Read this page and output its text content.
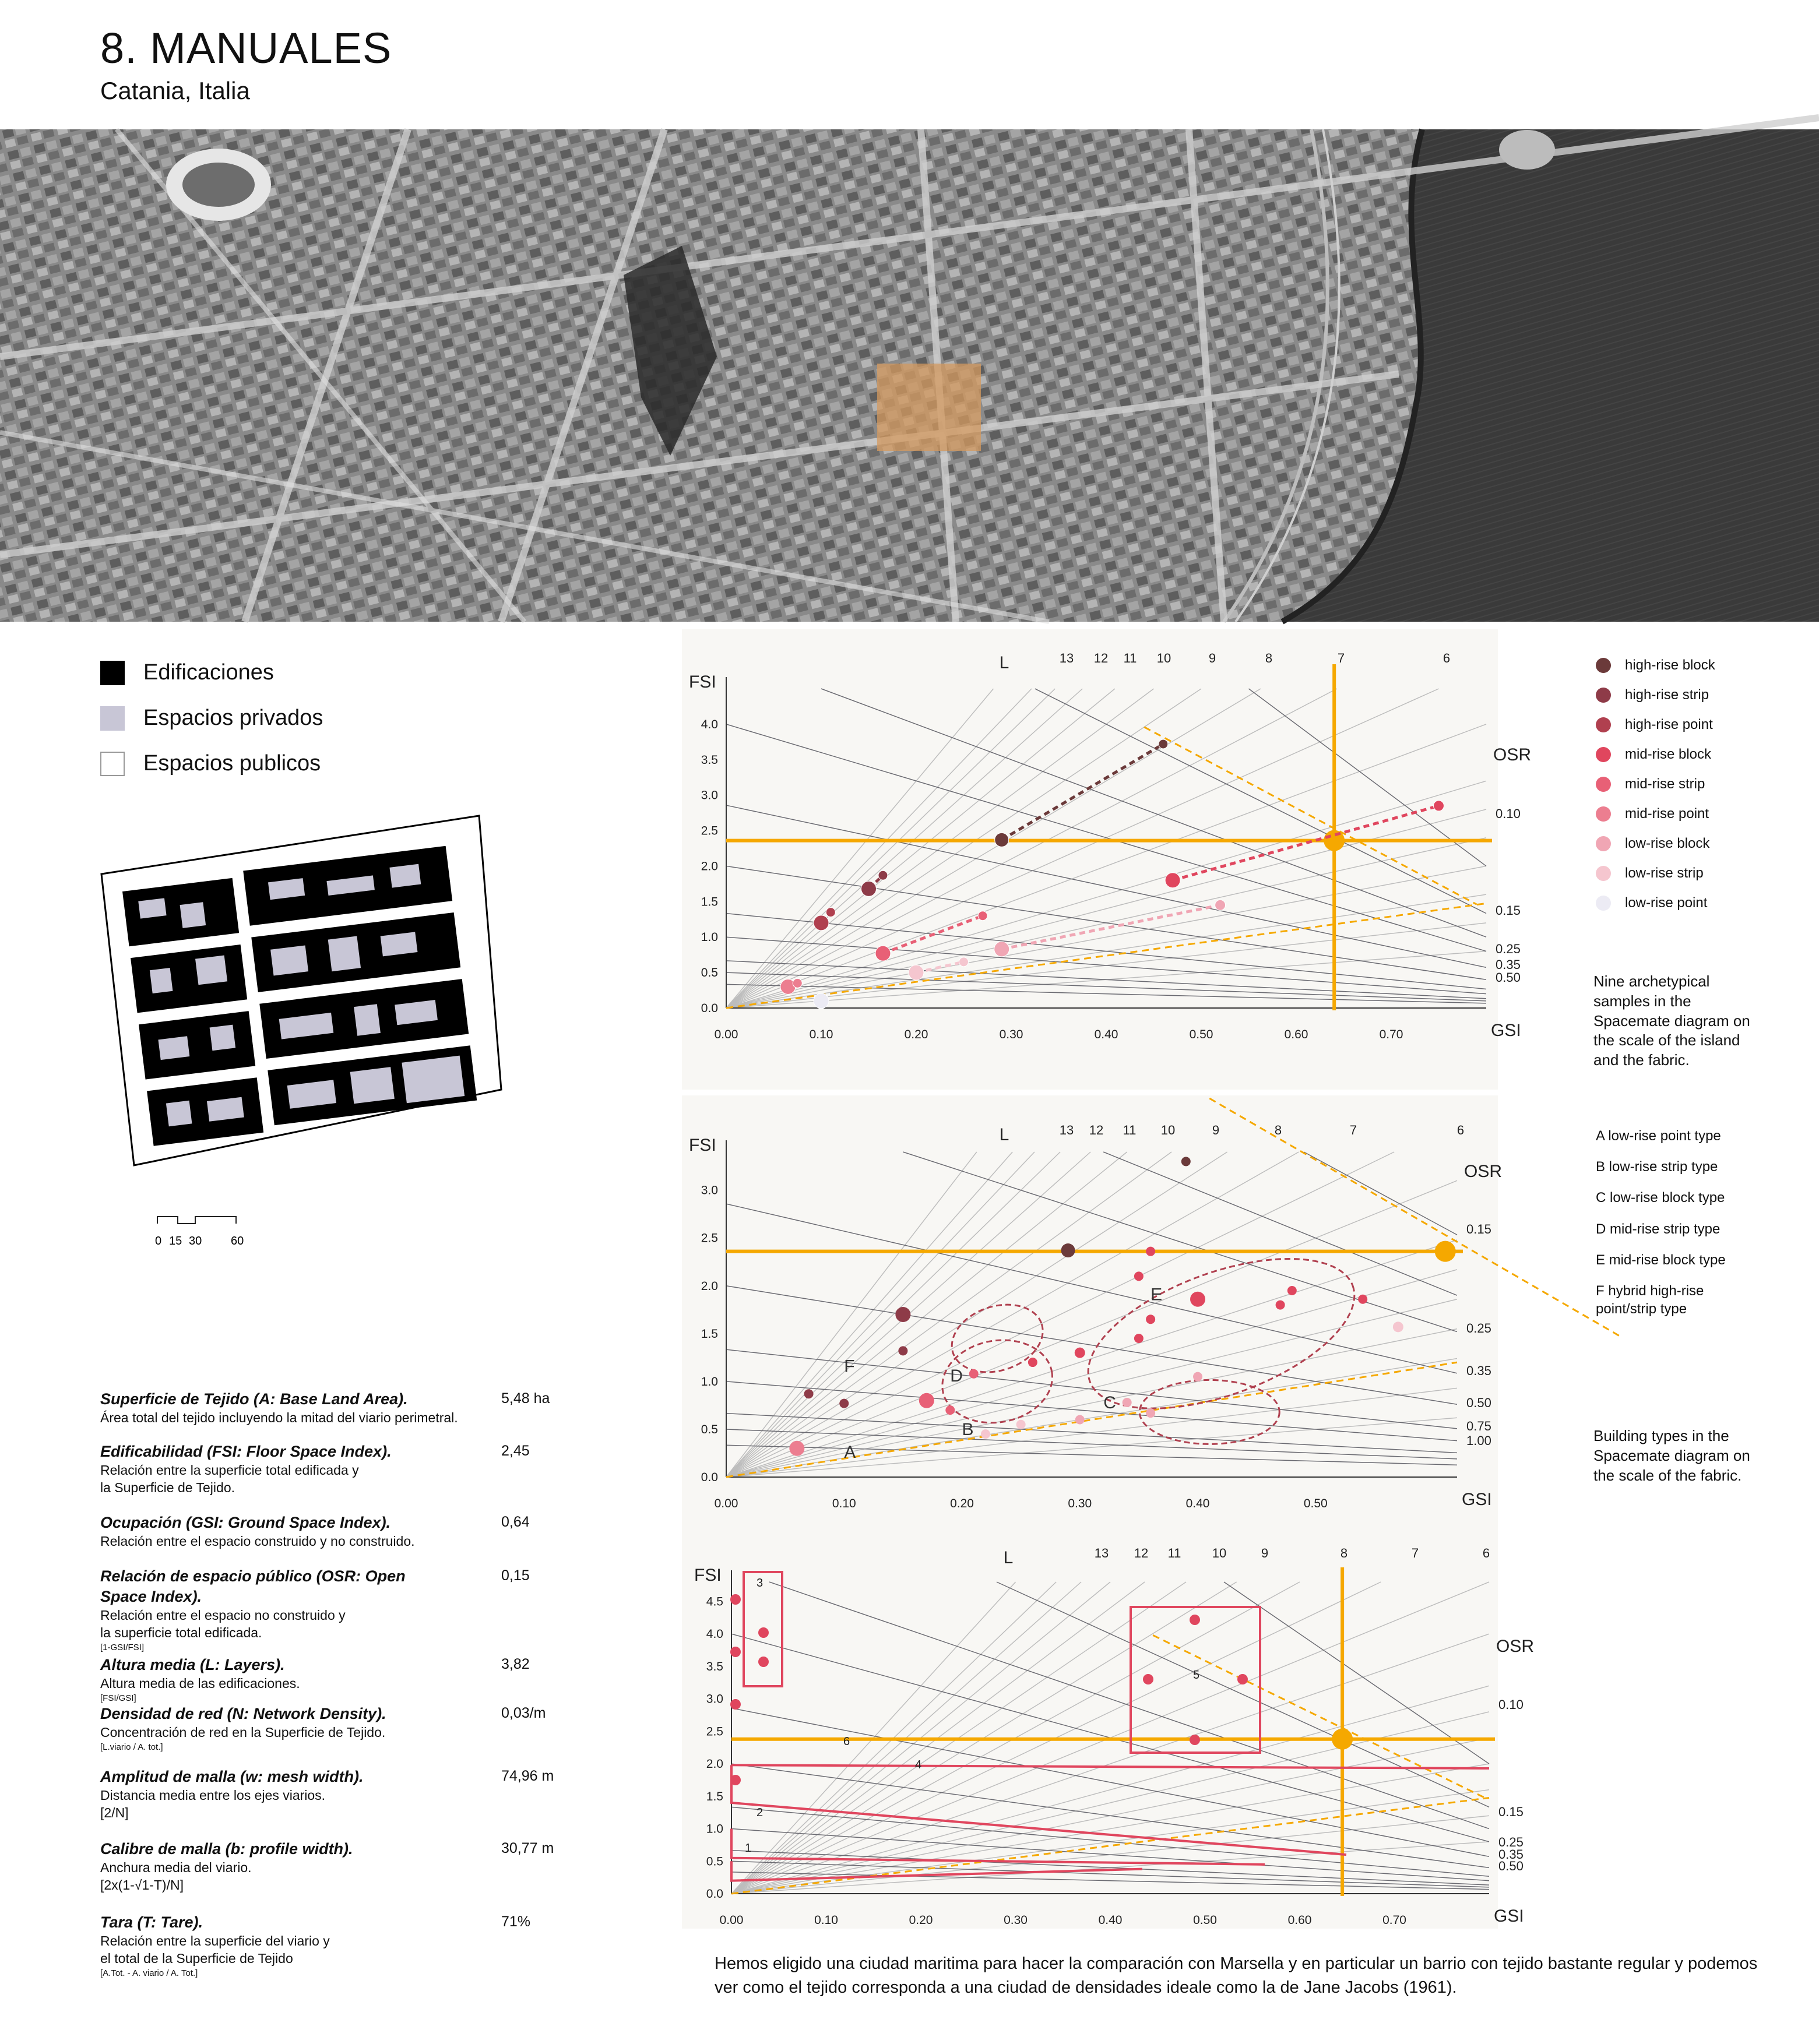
8. MANUALES
Catania, Italia
Edificaciones
Espacios privados
Espacios publicos
0 15 30 60
Superficie de Tejido (A: Base Land Area).
Área total del tejido incluyendo la mitad del viario perimetral.
5,48 ha
Edificabilidad (FSI: Floor Space Index).
Relación entre la superficie total edificada y
la Superficie de Tejido.
2,45
Ocupación (GSI: Ground Space Index).
Relación entre el espacio construido y no construido.
0,64
Relación de espacio público (OSR: Open Space Index).
Relación entre el espacio no construido y
la superficie total edificada.
[1-GSI/FSI]
0,15
Altura media (L: Layers).
Altura media de las edificaciones.
[FSI/GSI]
3,82
Densidad de red (N: Network Density).
Concentración de red en la Superficie de Tejido.
[L.viario / A. tot.]
0,03/m
Amplitud de malla (w: mesh width).
Distancia media entre los ejes viarios.
[2/N]
74,96 m
Calibre de malla (b: profile width).
Anchura media del viario.
[2x(1-√1-T)/N]
30,77 m
Tara (T: Tare).
Relación entre la superficie del viario y
el total de la Superficie de Tejido
[A.Tot. - A. viario / A. Tot.]
71%
0.00	0.10	0.20	0.30	0.40	0.50	0.60	0.70
0.0
0.5
1.0
1.5
2.0
2.5
3.0
3.5
4.0
FSI
GSI
L	13 12 11 10	9	8	7	6
OSR
0.10
0.15
0.25
0.35
0.50
0.00	0.10	0.20	0.30	0.40	0.50
0.0
0.5
1.0
1.5
2.0
2.5
3.0
FSI
GSI
L	13 12 11 10	9	8	7	6
OSR
0.15
0.25
0.35
0.50
0.75
1.00
F	D
E
C
B
A
0.00	0.10	0.20	0.30	0.40	0.50	0.60	0.70
0.0
0.5
1.0
1.5
2.0
2.5
3.0
3.5
4.0
4.5
FSI
GSI
L	13 12 11 10	9	8	7	6
OSR
0.10
0.15
0.25
0.35
0.50
1
2
3
4
5
6
high-rise block
high-rise strip
high-rise point
mid-rise block
mid-rise strip
mid-rise point
low-rise block
low-rise strip
low-rise point
Nine archetypical samples in the Spacemate diagram on the scale of the island and the fabric.
A low-rise point type
B low-rise strip type
C low-rise block type
D mid-rise strip type
E mid-rise block type
F hybrid high-rise point/strip type
Building types in the Spacemate diagram on the scale of the fabric.
Hemos eligido una ciudad maritima para hacer la comparación con Marsella y en particular un barrio con tejido bastante regular y podemos ver como el tejido corresponda a una ciudad de densidades ideale como la de Jane Jacobs (1961).
